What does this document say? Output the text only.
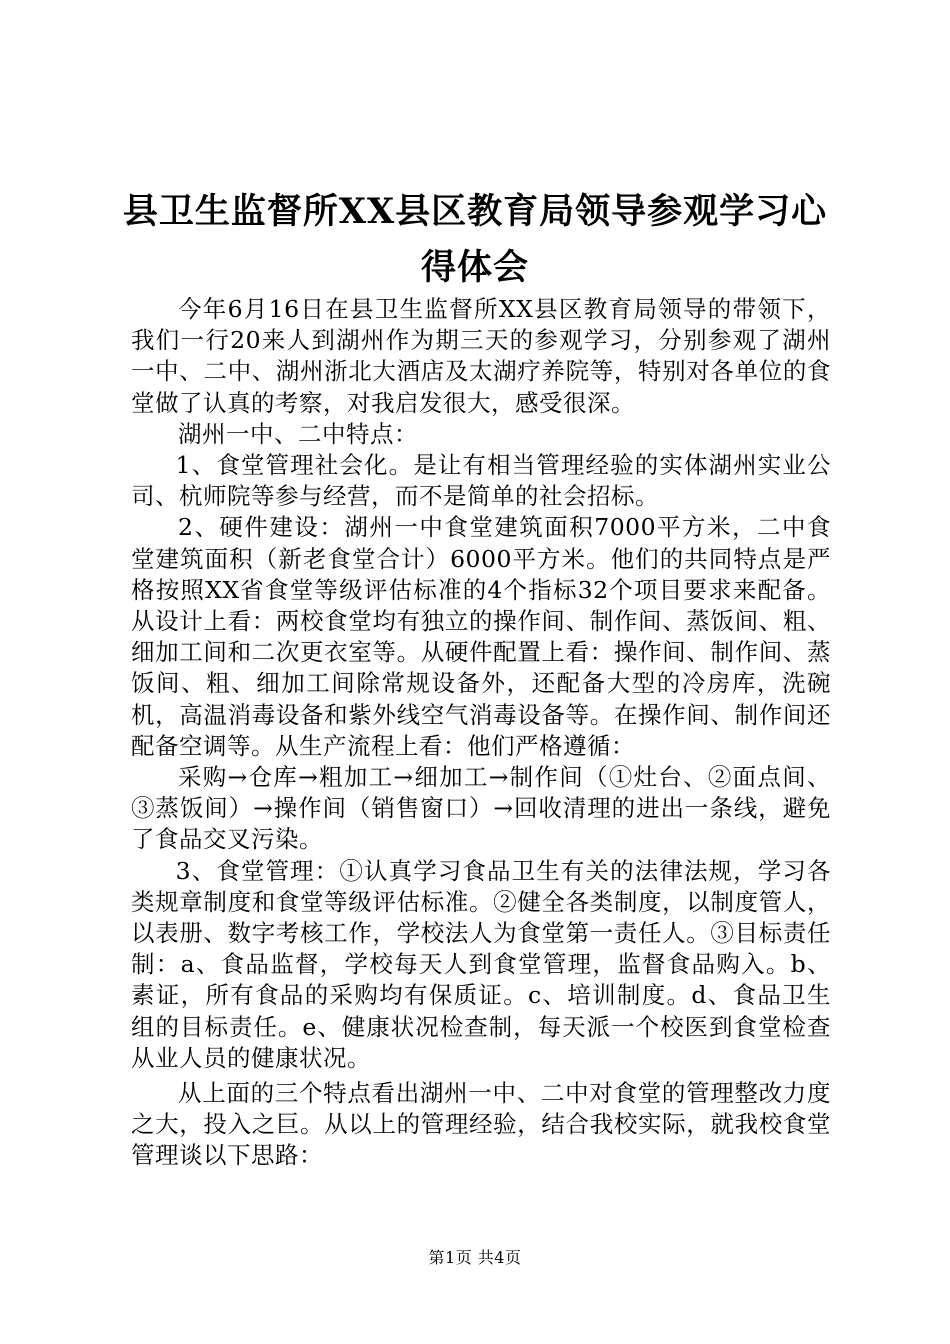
县卫生监督所XX县区教育局领导参观学习心得体会

今年6月16日在县卫生监督所XX县区教育局领导的带领下，我们一行20来人到湖州作为期三天的参观学习，分别参观了湖州一中、二中、湖州浙北大酒店及太湖疗养院等，特别对各单位的食堂做了认真的考察，对我启发很大，感受很深。

湖州一中、二中特点：

1、食堂管理社会化。是让有相当管理经验的实体湖州实业公司、杭师院等参与经营，而不是简单的社会招标。

2、硬件建设：湖州一中食堂建筑面积7000平方米，二中食堂建筑面积（新老食堂合计）6000平方米。他们的共同特点是严格按照XX省食堂等级评估标准的4个指标32个项目要求来配备。从设计上看：两校食堂均有独立的操作间、制作间、蒸饭间、粗、细加工间和二次更衣室等。从硬件配置上看：操作间、制作间、蒸饭间、粗、细加工间除常规设备外，还配备大型的冷房库，洗碗机，高温消毒设备和紫外线空气消毒设备等。在操作间、制作间还配备空调等。从生产流程上看：他们严格遵循：

采购→仓库→粗加工→细加工→制作间（①灶台、②面点间、③蒸饭间）→操作间（销售窗口）→回收清理的进出一条线，避免了食品交叉污染。

3、食堂管理：①认真学习食品卫生有关的法律法规，学习各类规章制度和食堂等级评估标准。②健全各类制度，以制度管人，以表册、数字考核工作，学校法人为食堂第一责任人。③目标责任制：a、食品监督，学校每天人到食堂管理，监督食品购入。b、素证，所有食品的采购均有保质证。c、培训制度。d、食品卫生组的目标责任。e、健康状况检查制，每天派一个校医到食堂检查从业人员的健康状况。

从上面的三个特点看出湖州一中、二中对食堂的管理整改力度之大，投入之巨。从以上的管理经验，结合我校实际，就我校食堂管理谈以下思路：

第1页 共4页
